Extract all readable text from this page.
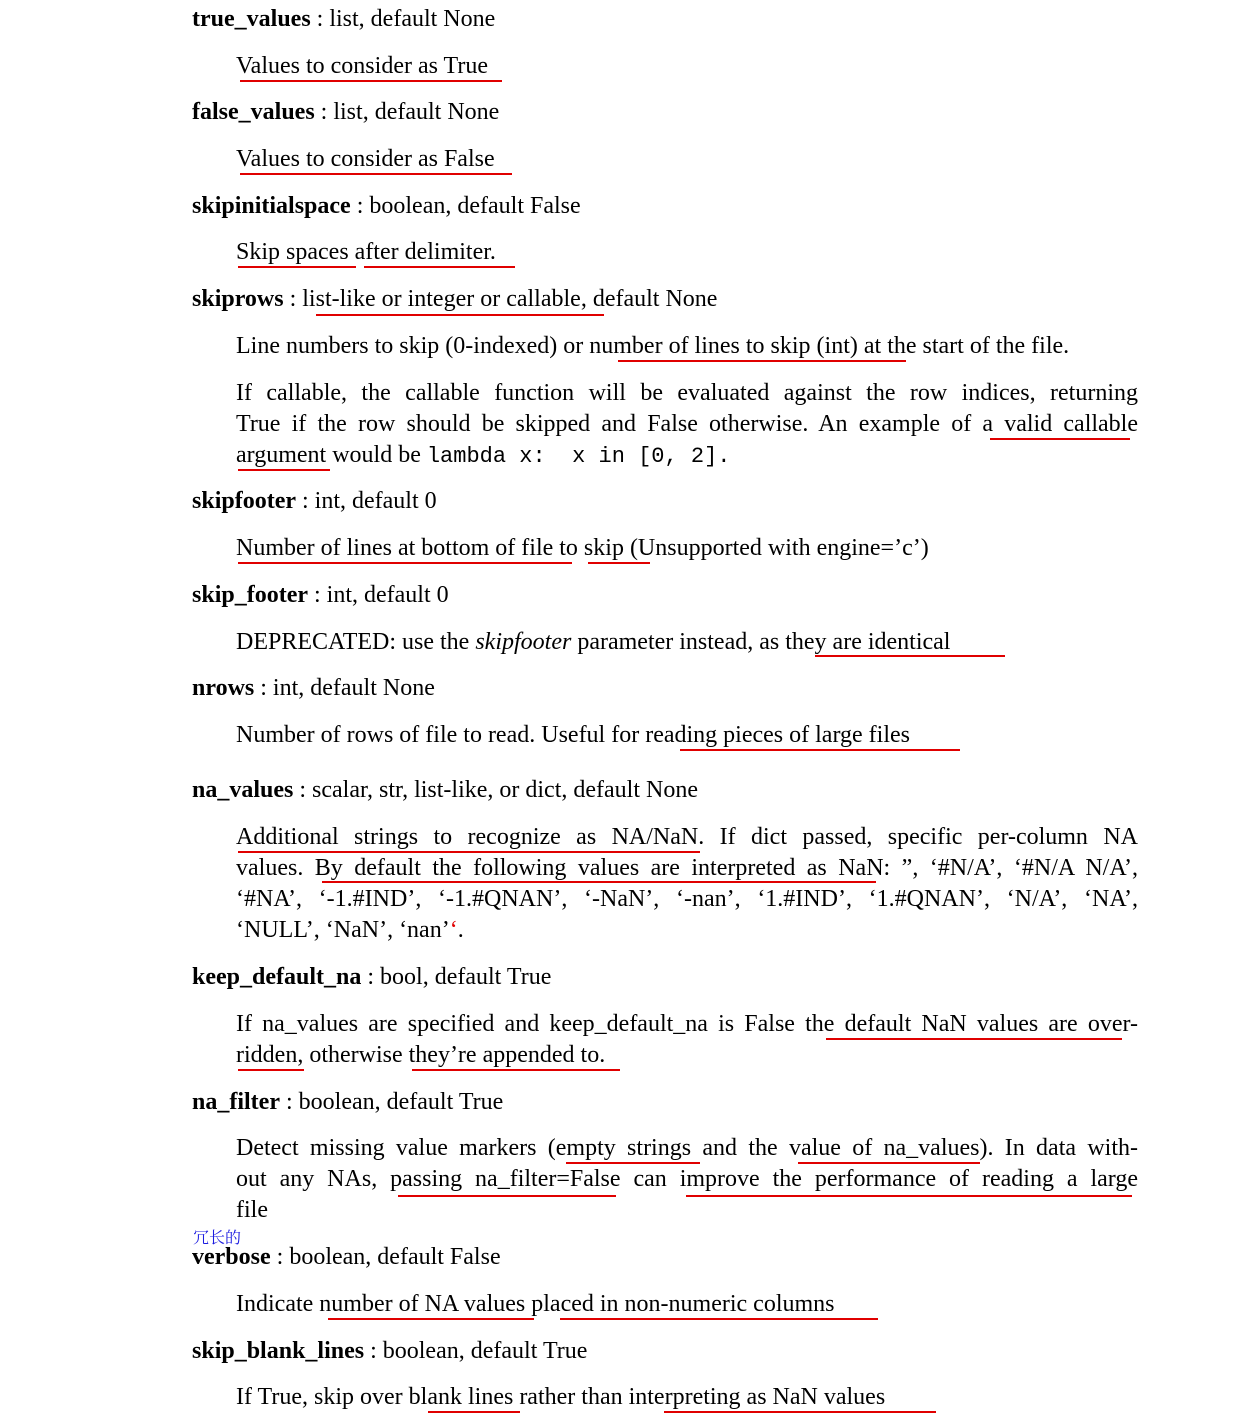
true_values : list, default None

Values to consider as True

false_values : list, default None

Values to consider as False

skipinitialspace : boolean, default False

Skip spaces after delimiter.

skiprows : list-like or integer or callable, default None

Line numbers to skip (0-indexed) or number of lines to skip (int) at the start of the file.

If callable, the callable function will be evaluated against the row indices, returning

True if the row should be skipped and False otherwise. An example of a valid callable

argument would be lambda x:  x in [0, 2].

skipfooter : int, default 0

Number of lines at bottom of file to skip (Unsupported with engine=’c’)

skip_footer : int, default 0

DEPRECATED: use the skipfooter parameter instead, as they are identical

nrows : int, default None

Number of rows of file to read. Useful for reading pieces of large files

na_values : scalar, str, list-like, or dict, default None

Additional strings to recognize as NA/NaN. If dict passed, specific per-column NA

values. By default the following values are interpreted as NaN: ”, ‘#N/A’, ‘#N/A N/A’,

‘#NA’, ‘-1.#IND’, ‘-1.#QNAN’, ‘-NaN’, ‘-nan’, ‘1.#IND’, ‘1.#QNAN’, ‘N/A’, ‘NA’,

‘NULL’, ‘NaN’, ‘nan’‘.

keep_default_na : bool, default True

If na_values are specified and keep_default_na is False the default NaN values are over-

ridden, otherwise they’re appended to.

na_filter : boolean, default True

Detect missing value markers (empty strings and the value of na_values). In data with-

out any NAs, passing na_filter=False can improve the performance of reading a large

file

冗长的

verbose : boolean, default False

Indicate number of NA values placed in non-numeric columns

skip_blank_lines : boolean, default True

If True, skip over blank lines rather than interpreting as NaN values
